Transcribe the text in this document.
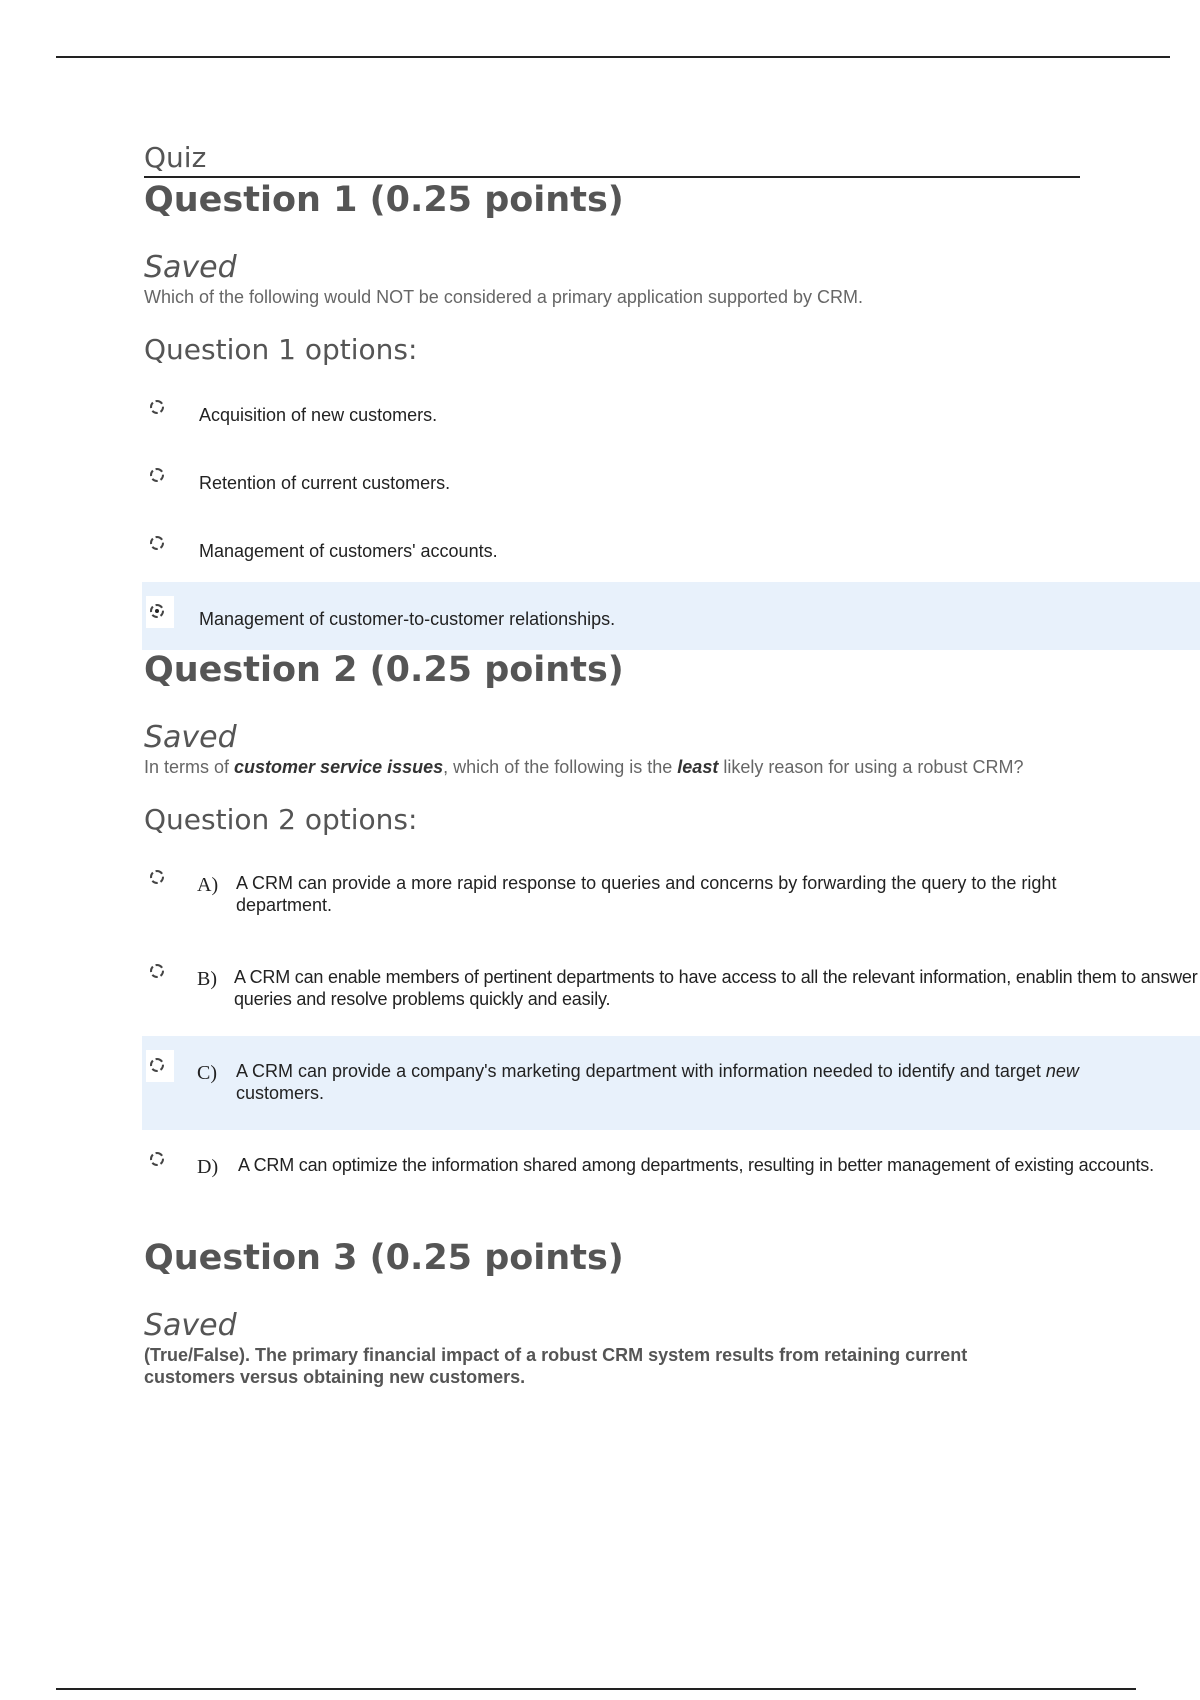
Quiz
Question 1 (0.25 points)
Saved
Which of the following would NOT be considered a primary application supported by CRM.
Question 1 options:
Acquisition of new customers.
Retention of current customers.
Management of customers' accounts.
Management of customer-to-customer relationships.
Question 2 (0.25 points)
Saved
In terms of customer service issues, which of the following is the least likely reason for using a robust CRM?
Question 2 options:
A) A CRM can provide a more rapid response to queries and concerns by forwarding the query to the right department.
B) A CRM can enable members of pertinent departments to have access to all the relevant information, enablin them to answer queries and resolve problems quickly and easily.
C) A CRM can provide a company's marketing department with information needed to identify and target new customers.
D) A CRM can optimize the information shared among departments, resulting in better management of existing accounts.
Question 3 (0.25 points)
Saved
(True/False). The primary financial impact of a robust CRM system results from retaining current customers versus obtaining new customers.
